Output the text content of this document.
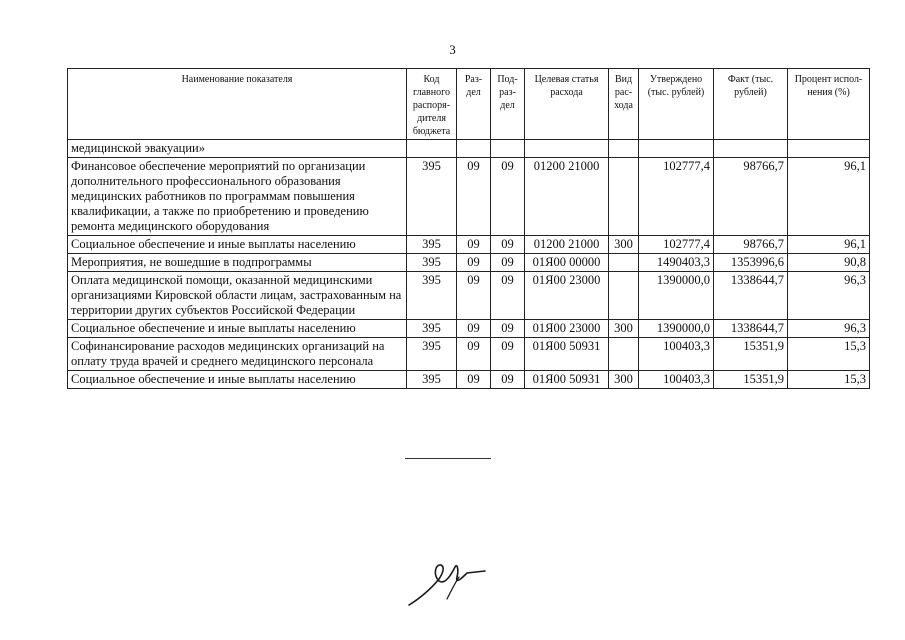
3
Наименование показателя	Код главного распоря-дителя бюджета	Раз-дел	Под-раз-дел	Целевая статья расхода	Вид рас-хода	Утверждено (тыс. рублей)	Факт (тыс. рублей)	Процент испол-нения (%)
медицинской эвакуации»								
Финансовое обеспечение мероприятий по организации дополнительного профессионального образования медицинских работников по программам повышения квалификации, а также по приобретению и проведению ремонта медицинского оборудования	395	09	09	01200 21000		102777,4	98766,7	96,1
Социальное обеспечение и иные выплаты населению	395	09	09	01200 21000	300	102777,4	98766,7	96,1
Мероприятия, не вошедшие в подпрограммы	395	09	09	01Я00 00000		1490403,3	1353996,6	90,8
Оплата медицинской помощи, оказанной медицинскими организациями Кировской области лицам, застрахованным на территории других субъектов Российской Федерации	395	09	09	01Я00 23000		1390000,0	1338644,7	96,3
Социальное обеспечение и иные выплаты населению	395	09	09	01Я00 23000	300	1390000,0	1338644,7	96,3
Софинансирование расходов медицинских организаций на оплату труда врачей и среднего медицинского персонала	395	09	09	01Я00 50931		100403,3	15351,9	15,3
Социальное обеспечение и иные выплаты населению	395	09	09	01Я00 50931	300	100403,3	15351,9	15,3
